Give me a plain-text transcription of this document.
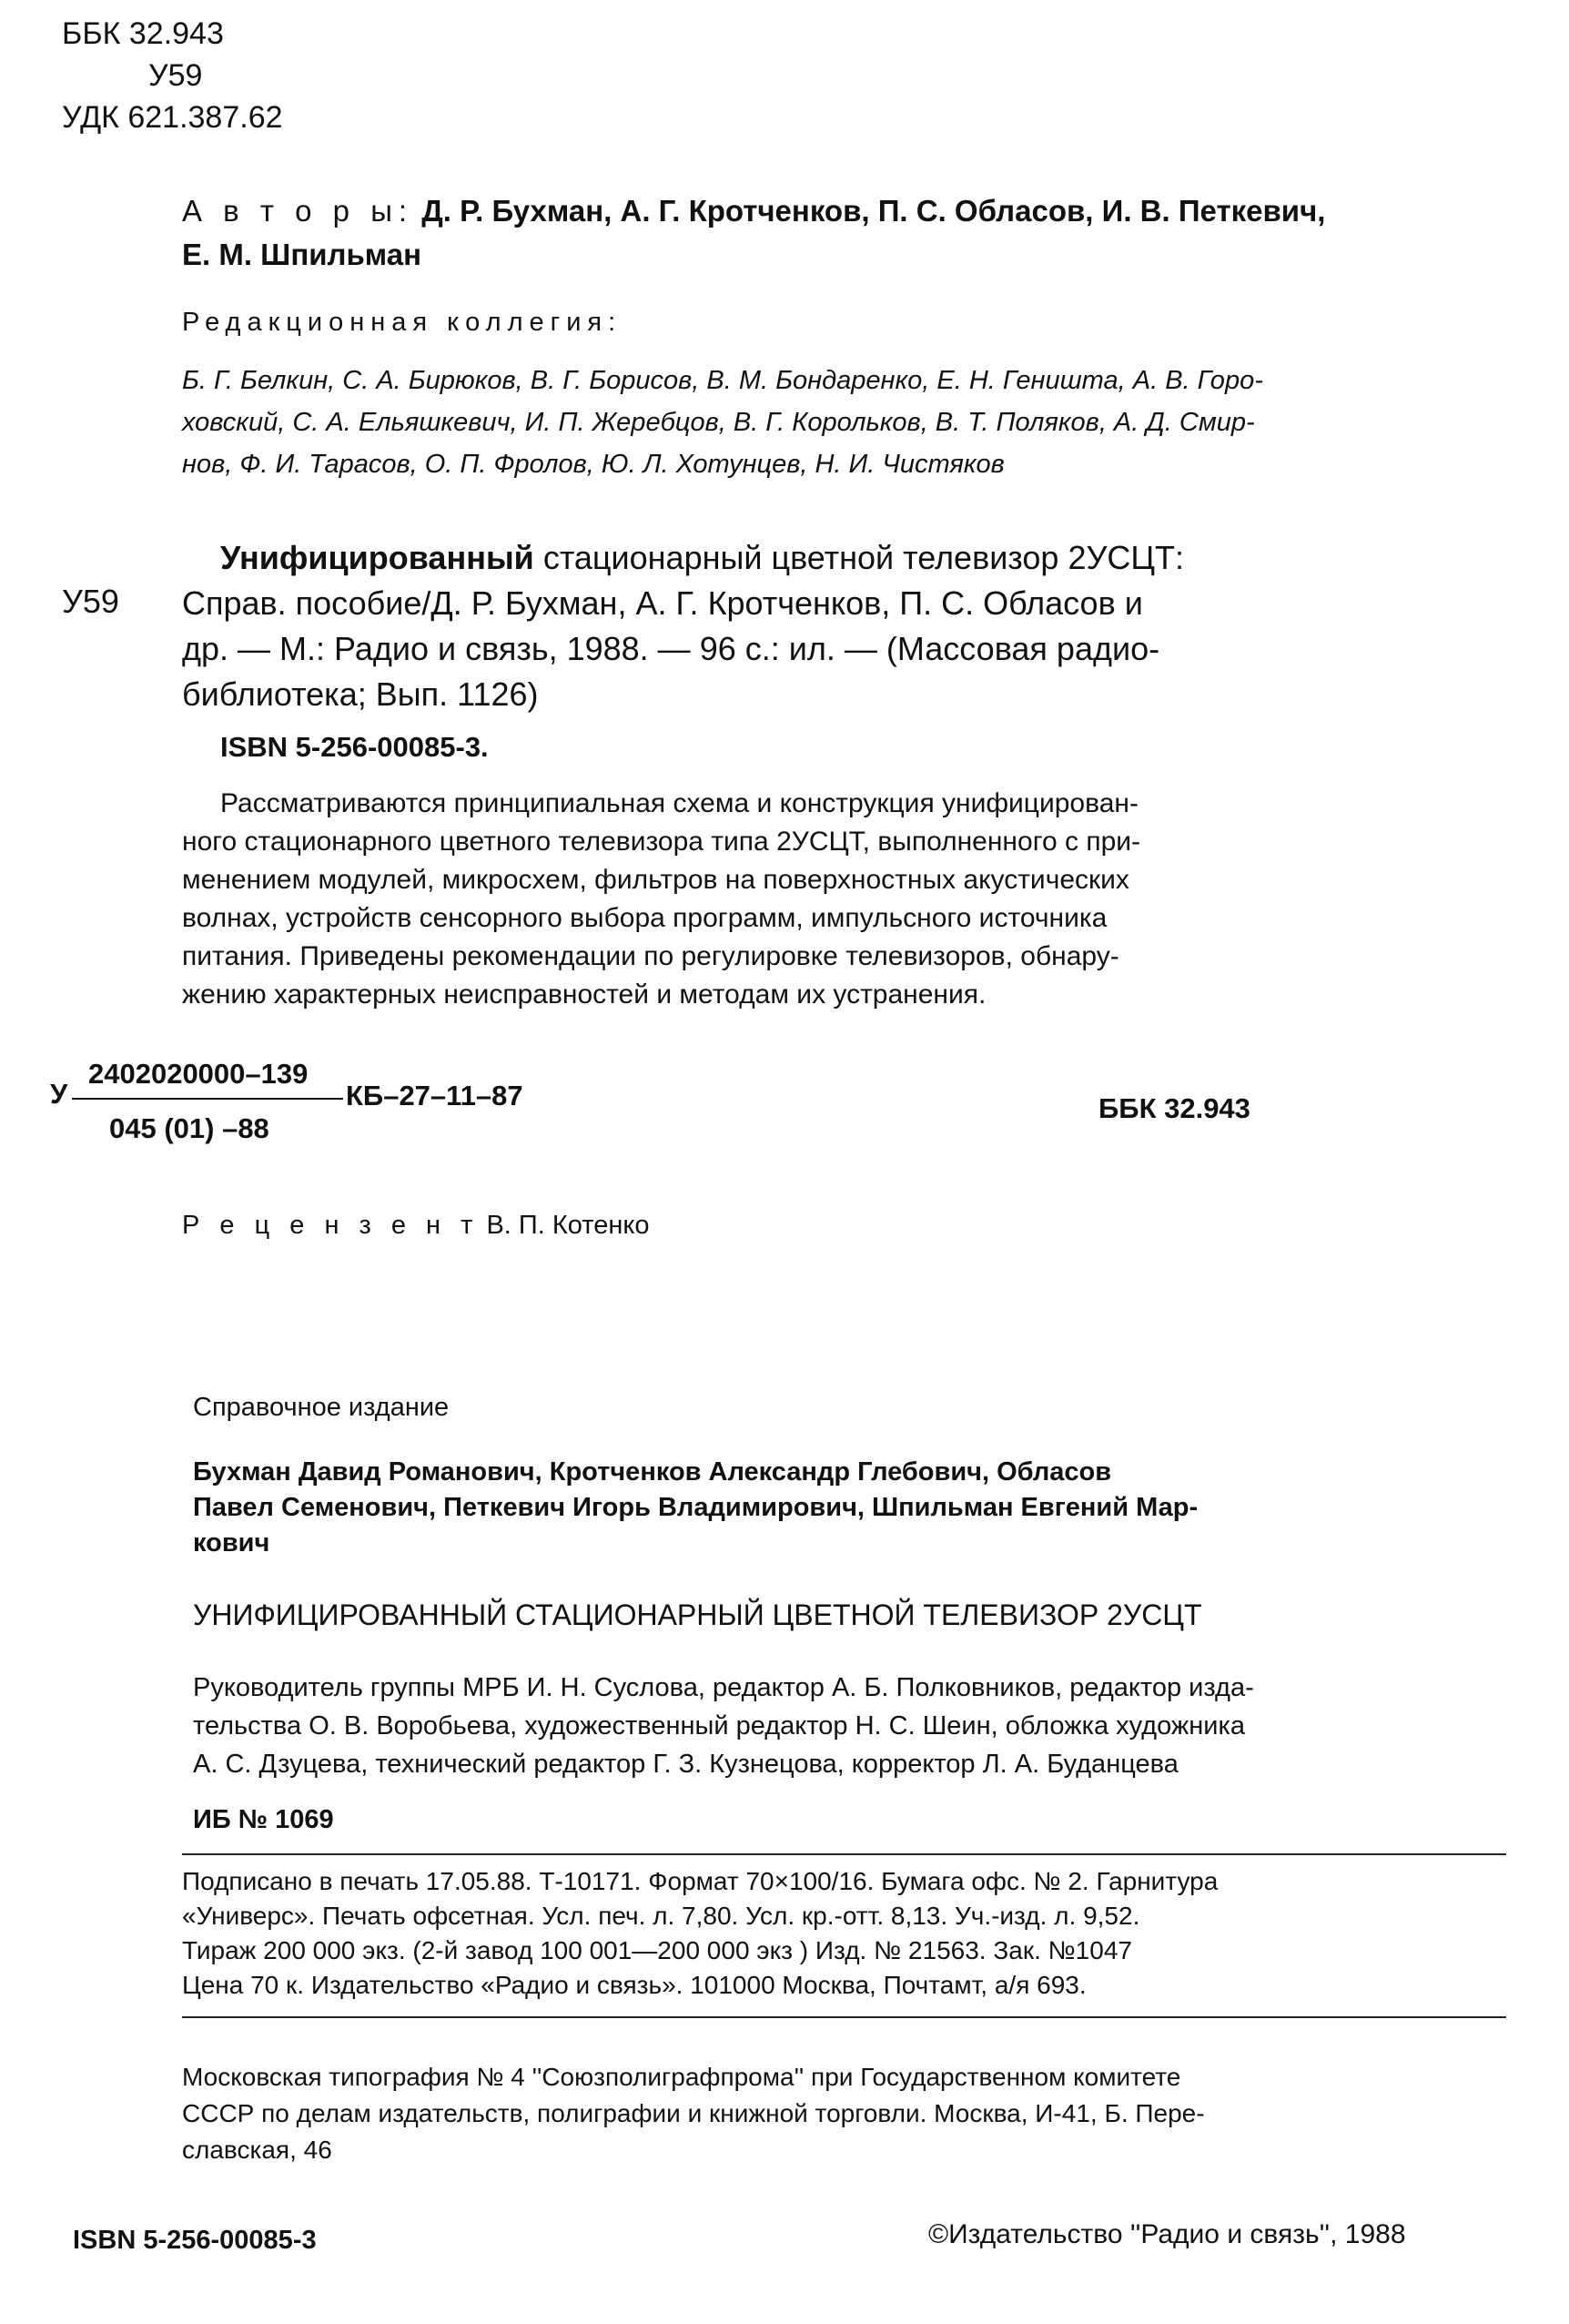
ББК 32.943
У59
УДК 621.387.62
А в т о р ы: Д. Р. Бухман, А. Г. Кротченков, П. С. Обласов, И. В. Петкевич,
Е. М. Шпильман
Редакционная коллегия:
Б. Г. Белкин, С. А. Бирюков, В. Г. Борисов, В. М. Бондаренко, Е. Н. Геништа, А. В. Горо-
ховский, С. А. Ельяшкевич, И. П. Жеребцов, В. Г. Корольков, В. Т. Поляков, А. Д. Смир-
нов, Ф. И. Тарасов, О. П. Фролов, Ю. Л. Хотунцев, Н. И. Чистяков
У59
Унифицированный стационарный цветной телевизор 2УСЦТ:
Справ. пособие/Д. Р. Бухман, А. Г. Кротченков, П. С. Обласов и
др. — М.: Радио и связь, 1988. — 96 с.: ил. — (Массовая радио-
библиотека; Вып. 1126)
ISBN 5-256-00085-3.
Рассматриваются принципиальная схема и конструкция унифицирован-
ного стационарного цветного телевизора типа 2УСЦТ, выполненного с при-
менением модулей, микросхем, фильтров на поверхностных акустических
волнах, устройств сенсорного выбора программ, импульсного источника
питания. Приведены рекомендации по регулировке телевизоров, обнару-
жению характерных неисправностей и методам их устранения.
У
2402020000–139
045 (01) –88
КБ–27–11–87	ББК 32.943
Р е ц е н з е н т В. П. Котенко
Справочное издание
Бухман Давид Романович, Кротченков Александр Глебович, Обласов
Павел Семенович, Петкевич Игорь Владимирович, Шпильман Евгений Мар-
кович
УНИФИЦИРОВАННЫЙ СТАЦИОНАРНЫЙ ЦВЕТНОЙ ТЕЛЕВИЗОР 2УСЦТ
Руководитель группы МРБ И. Н. Суслова, редактор А. Б. Полковников, редактор изда-
тельства О. В. Воробьева, художественный редактор Н. С. Шеин, обложка художника
А. С. Дзуцева, технический редактор Г. З. Кузнецова, корректор Л. А. Буданцева
ИБ № 1069
Подписано в печать 17.05.88. Т-10171. Формат 70×100/16. Бумага офс. № 2. Гарнитура
«Универс». Печать офсетная. Усл. печ. л. 7,80. Усл. кр.-отт. 8,13. Уч.-изд. л. 9,52.
Тираж 200 000 экз. (2-й завод 100 001—200 000 экз ) Изд. № 21563. Зак. №1047
Цена 70 к. Издательство «Радио и связь». 101000 Москва, Почтамт, а/я 693.
Московская типография № 4 ''Союзполиграфпрома'' при Государственном комитете
СССР по делам издательств, полиграфии и книжной торговли. Москва, И-41, Б. Пере-
славская, 46
ISBN 5-256-00085-3	©Издательство ''Радио и связь'', 1988
